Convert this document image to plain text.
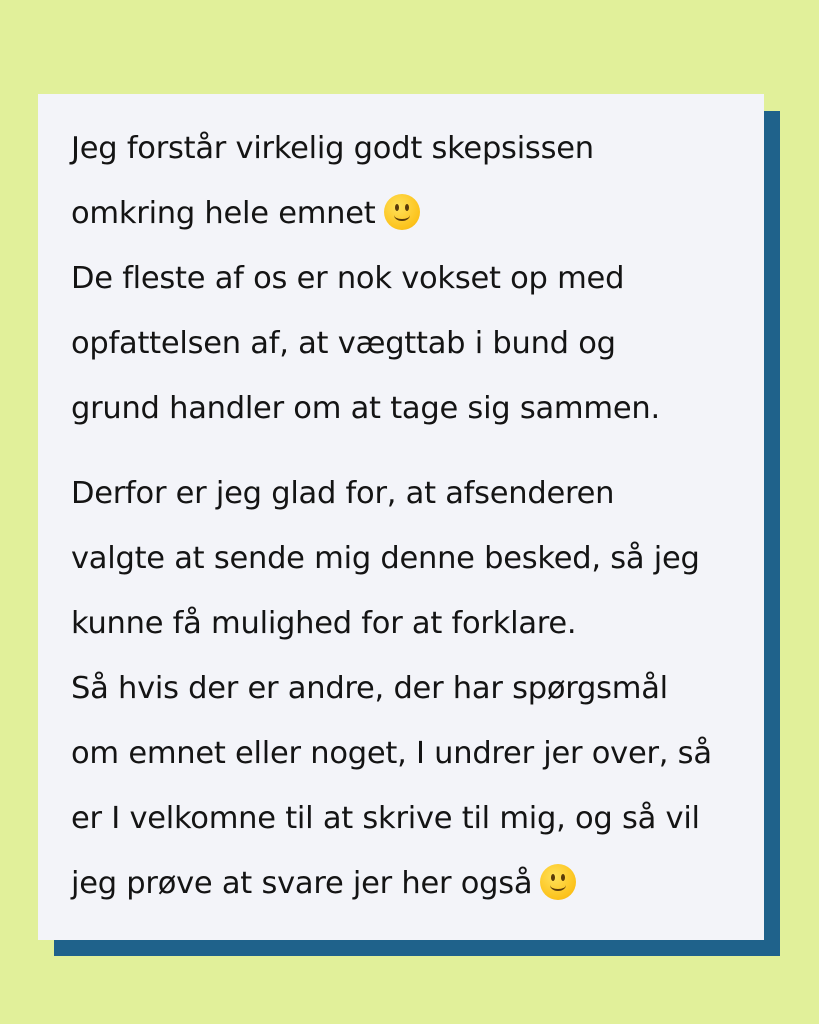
Jeg forstår virkelig godt skepsissen
omkring hele emnet
De fleste af os er nok vokset op med
opfattelsen af, at vægttab i bund og
grund handler om at tage sig sammen.
Derfor er jeg glad for, at afsenderen
valgte at sende mig denne besked, så jeg
kunne få mulighed for at forklare.
Så hvis der er andre, der har spørgsmål
om emnet eller noget, I undrer jer over, så
er I velkomne til at skrive til mig, og så vil
jeg prøve at svare jer her også
